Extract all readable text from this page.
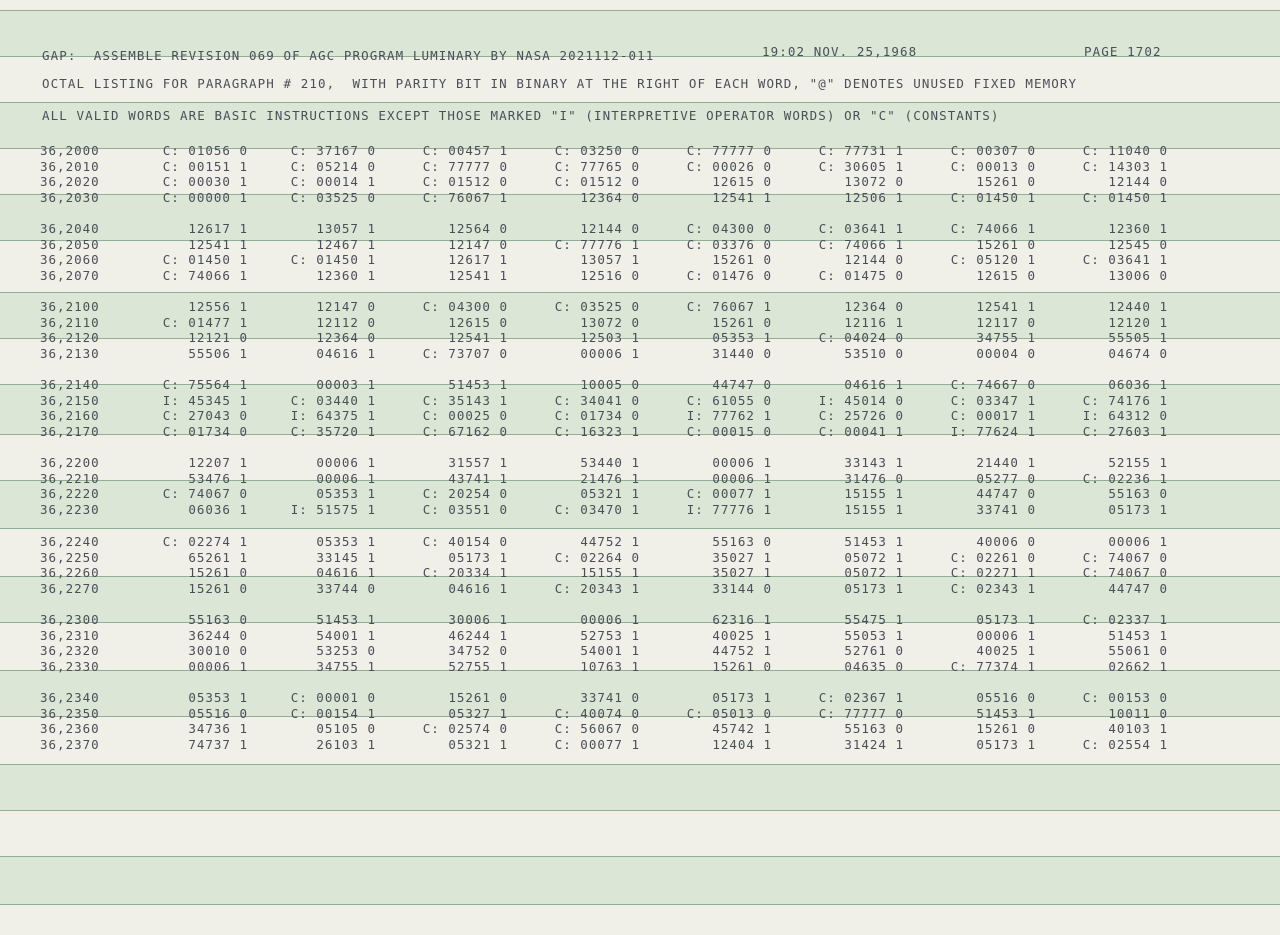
GAP:  ASSEMBLE REVISION 069 OF AGC PROGRAM LUMINARY BY NASA 2021112-011	19:02 NOV. 25,1968	PAGE 1702
OCTAL LISTING FOR PARAGRAPH # 210,  WITH PARITY BIT IN BINARY AT THE RIGHT OF EACH WORD, "@" DENOTES UNUSED FIXED MEMORY
ALL VALID WORDS ARE BASIC INSTRUCTIONS EXCEPT THOSE MARKED "I" (INTERPRETIVE OPERATOR WORDS) OR "C" (CONSTANTS)
36,2000	C: 01056 0	C: 37167 0	C: 00457 1	C: 03250 0	C: 77777 0	C: 77731 1	C: 00307 0	C: 11040 0
36,2010	C: 00151 1	C: 05214 0	C: 77777 0	C: 77765 0	C: 00026 0	C: 30605 1	C: 00013 0	C: 14303 1
36,2020	C: 00030 1	C: 00014 1	C: 01512 0	C: 01512 0	12615 0	13072 0	15261 0	12144 0
36,2030	C: 00000 1	C: 03525 0	C: 76067 1	12364 0	12541 1	12506 1	C: 01450 1	C: 01450 1
36,2040	12617 1	13057 1	12564 0	12144 0	C: 04300 0	C: 03641 1	C: 74066 1	12360 1
36,2050	12541 1	12467 1	12147 0	C: 77776 1	C: 03376 0	C: 74066 1	15261 0	12545 0
36,2060	C: 01450 1	C: 01450 1	12617 1	13057 1	15261 0	12144 0	C: 05120 1	C: 03641 1
36,2070	C: 74066 1	12360 1	12541 1	12516 0	C: 01476 0	C: 01475 0	12615 0	13006 0
36,2100	12556 1	12147 0	C: 04300 0	C: 03525 0	C: 76067 1	12364 0	12541 1	12440 1
36,2110	C: 01477 1	12112 0	12615 0	13072 0	15261 0	12116 1	12117 0	12120 1
36,2120	12121 0	12364 0	12541 1	12503 1	05353 1	C: 04024 0	34755 1	55505 1
36,2130	55506 1	04616 1	C: 73707 0	00006 1	31440 0	53510 0	00004 0	04674 0
36,2140	C: 75564 1	00003 1	51453 1	10005 0	44747 0	04616 1	C: 74667 0	06036 1
36,2150	I: 45345 1	C: 03440 1	C: 35143 1	C: 34041 0	C: 61055 0	I: 45014 0	C: 03347 1	C: 74176 1
36,2160	C: 27043 0	I: 64375 1	C: 00025 0	C: 01734 0	I: 77762 1	C: 25726 0	C: 00017 1	I: 64312 0
36,2170	C: 01734 0	C: 35720 1	C: 67162 0	C: 16323 1	C: 00015 0	C: 00041 1	I: 77624 1	C: 27603 1
36,2200	12207 1	00006 1	31557 1	53440 1	00006 1	33143 1	21440 1	52155 1
36,2210	53476 1	00006 1	43741 1	21476 1	00006 1	31476 0	05277 0	C: 02236 1
36,2220	C: 74067 0	05353 1	C: 20254 0	05321 1	C: 00077 1	15155 1	44747 0	55163 0
36,2230	06036 1	I: 51575 1	C: 03551 0	C: 03470 1	I: 77776 1	15155 1	33741 0	05173 1
36,2240	C: 02274 1	05353 1	C: 40154 0	44752 1	55163 0	51453 1	40006 0	00006 1
36,2250	65261 1	33145 1	05173 1	C: 02264 0	35027 1	05072 1	C: 02261 0	C: 74067 0
36,2260	15261 0	04616 1	C: 20334 1	15155 1	35027 1	05072 1	C: 02271 1	C: 74067 0
36,2270	15261 0	33744 0	04616 1	C: 20343 1	33144 0	05173 1	C: 02343 1	44747 0
36,2300	55163 0	51453 1	30006 1	00006 1	62316 1	55475 1	05173 1	C: 02337 1
36,2310	36244 0	54001 1	46244 1	52753 1	40025 1	55053 1	00006 1	51453 1
36,2320	30010 0	53253 0	34752 0	54001 1	44752 1	52761 0	40025 1	55061 0
36,2330	00006 1	34755 1	52755 1	10763 1	15261 0	04635 0	C: 77374 1	02662 1
36,2340	05353 1	C: 00001 0	15261 0	33741 0	05173 1	C: 02367 1	05516 0	C: 00153 0
36,2350	05516 0	C: 00154 1	05327 1	C: 40074 0	C: 05013 0	C: 77777 0	51453 1	10011 0
36,2360	34736 1	05105 0	C: 02574 0	C: 56067 0	45742 1	55163 0	15261 0	40103 1
36,2370	74737 1	26103 1	05321 1	C: 00077 1	12404 1	31424 1	05173 1	C: 02554 1
